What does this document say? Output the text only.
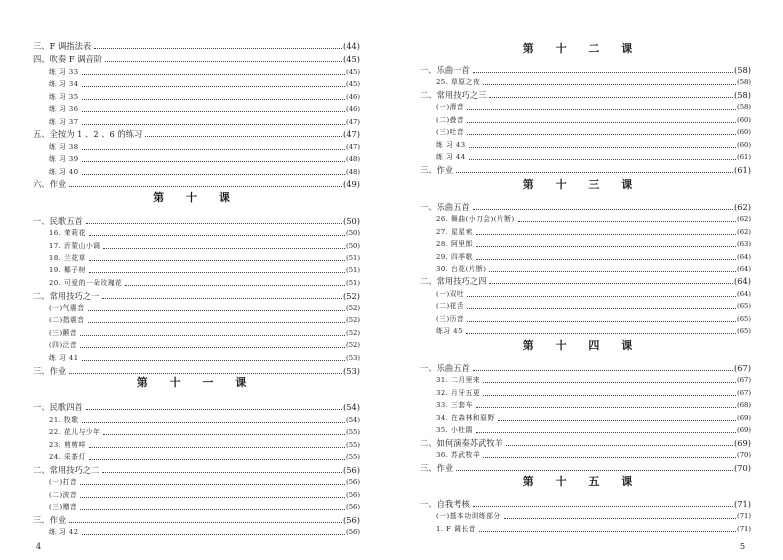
三、F 调指法表	(44)
四、吹奏 F 调音阶	(45)
练 习 33	(45)
练 习 34	(45)
练 习 35	(46)
练 习 36	(46)
练 习 37	(47)
五、全按为 1 、2 、6 的练习	(47)
练 习 38	(47)
练 习 39	(48)
练 习 40	(48)
六、作业	(49)
一、民歌五首	(50)
16. 茉莉花	(50)
17. 沂蒙山小调	(50)
18. 兰花草	(51)
19. 椰子树	(51)
20. 可爱的一朵玫瑰花	(51)
二、常用技巧之一	(52)
(一)气震音	(52)
(二)指震音	(52)
(三)颤音	(52)
(四)泛音	(52)
练 习 41	(53)
三、作业	(53)
一、民歌四首	(54)
21. 牧歌	(54)
22. 花儿与少年	(55)
23. 剪剪咩	(55)
24. 采茶灯	(55)
二、常用技巧之二	(56)
(一)打音	(56)
(二)波音	(56)
(三)赠音	(56)
三、作业	(56)
练 习 42	(56)
第 十 课
第 十 一 课
4
一、乐曲一首	(58)
25. 草原之夜	(58)
二、常用技巧之三	(58)
(一)滑音	(58)
(二)叠音	(60)
(三)吐音	(60)
练 习 43	(60)
练 习 44	(61)
三、作业	(61)
一、乐曲五首	(62)
26. 舞曲(小刀会)(片断)	(62)
27. 星星索	(62)
28. 阿里郎	(63)
29. 四季歌	(64)
30. 台花(片断)	(64)
二、常用技巧之四	(64)
(一)双吐	(64)
(二)花舌	(65)
(三)历音	(65)
练习 45	(65)
一、乐曲五首	(67)
31. 二月里来	(67)
32. 月牙五更	(67)
33. 三套车	(68)
34. 在森林和原野	(69)
35. 小杜鹃	(69)
二、如何演奏苏武牧羊	(69)
36. 苏武牧羊	(70)
三、作业	(70)
一、自我考核	(71)
(一)基本功训练部分	(71)
1. F 调长音	(71)
第 十 二 课
第 十 三 课
第 十 四 课
第 十 五 课
5
